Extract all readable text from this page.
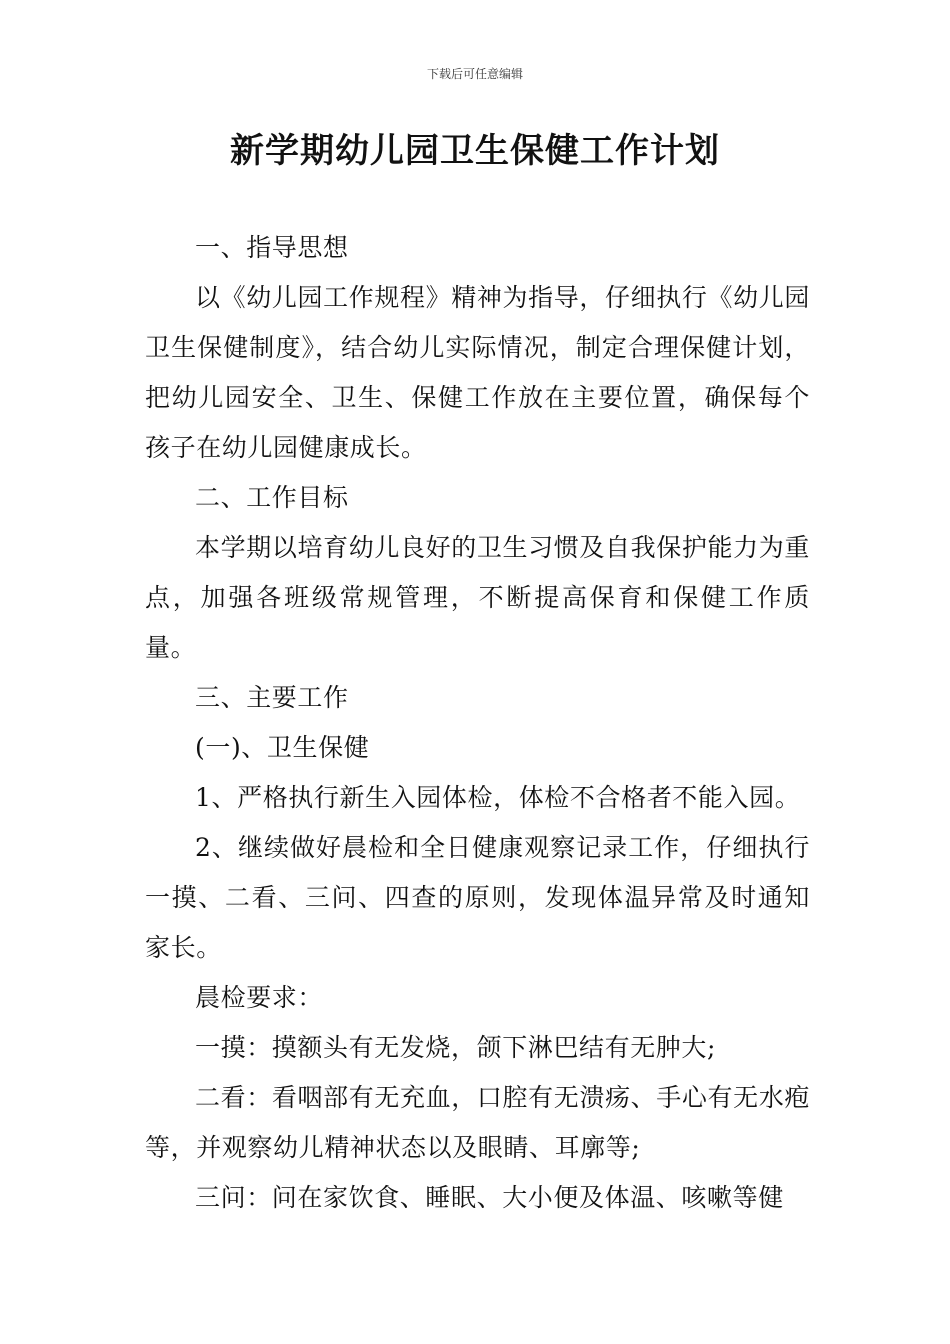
下载后可任意编辑
新学期幼儿园卫生保健工作计划

一、指导思想

以《幼儿园工作规程》精神为指导，仔细执行《幼儿园卫生保健制度》，结合幼儿实际情况，制定合理保健计划，把幼儿园安全、卫生、保健工作放在主要位置，确保每个孩子在幼儿园健康成长。

二、工作目标

本学期以培育幼儿良好的卫生习惯及自我保护能力为重点，加强各班级常规管理，不断提高保育和保健工作质量。

三、主要工作

(一)、卫生保健

1、严格执行新生入园体检，体检不合格者不能入园。

2、继续做好晨检和全日健康观察记录工作，仔细执行一摸、二看、三问、四查的原则，发现体温异常及时通知家长。

晨检要求：

一摸：摸额头有无发烧，颌下淋巴结有无肿大;

二看：看咽部有无充血，口腔有无溃疡、手心有无水疱等，并观察幼儿精神状态以及眼睛、耳廓等;

三问：问在家饮食、睡眠、大小便及体温、咳嗽等健
